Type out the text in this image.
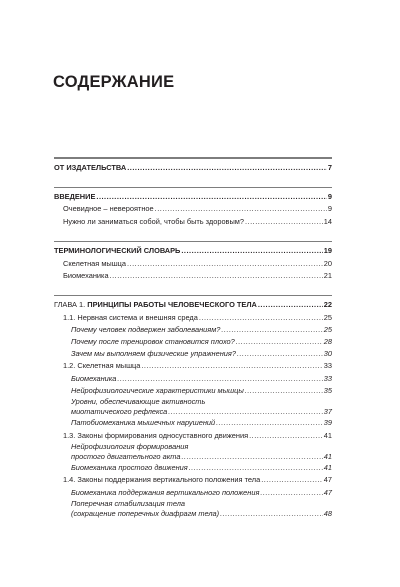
СОДЕРЖАНИЕ
ОТ ИЗДАТЕЛЬСТВА .....	7
ВВЕДЕНИЕ .....	9
Очевидное – невероятное .....	9
Нужно ли заниматься собой, чтобы быть здоровым? .....	14
ТЕРМИНОЛОГИЧЕСКИЙ СЛОВАРЬ .....	19
Скелетная мышца .....	20
Биомеханика .....	21
ГЛАВА 1. ПРИНЦИПЫ РАБОТЫ ЧЕЛОВЕЧЕСКОГО ТЕЛА .....	22
1.1. Нервная система и внешняя среда .....	25
Почему человек подвержен заболеваниям? .....	25
Почему после тренировок становится плохо? .....	28
Зачем мы выполняем физические упражнения? .....	30
1.2. Скелетная мышца .....	33
Биомеханика .....	33
Нейрофизиологические характеристики мышцы .....	35
Уровни, обеспечивающие активность
миотатического рефлекса .....	37
Патобиомеханика мышечных нарушений .....	39
1.3. Законы формирования односуставного движения .....	41
Нейрофизиология формирования
простого двигательного акта .....	41
Биомеханика простого движения .....	41
1.4. Законы поддержания вертикального положения тела .....	47
Биомеханика поддержания вертикального положения .....	47
Поперечная стабилизация тела
(сокращение поперечных диафрагм тела) .....	48
